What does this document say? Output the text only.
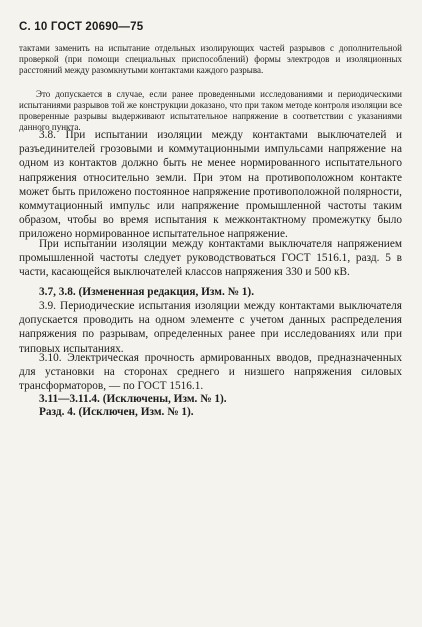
С. 10 ГОСТ 20690—75

тактами заменить на испытание отдельных изолирующих частей разрывов с дополнительной проверкой (при помощи специальных приспособлений) формы электродов и изоляционных расстояний между разомкнутыми контактами каждого разрыва.

Это допускается в случае, если ранее проведенными исследованиями и периодическими испытаниями разрывов той же конструкции доказано, что при таком методе контроля изоляции все проверенные разрывы выдерживают испытательное напряжение в соответствии с указаниями данного пункта.

3.8. При испытании изоляции между контактами выключателей и разъединителей грозовыми и коммутационными импульсами напряжение на одном из контактов должно быть не менее нормированного испытательного напряжения относительно земли. При этом на противоположном контакте может быть приложено постоянное напряжение противоположной полярности, коммутационный импульс или напряжение промышленной частоты таким образом, чтобы во время испытания к межконтактному промежутку было приложено нормированное испытательное напряжение.

При испытании изоляции между контактами выключателя напряжением промышленной частоты следует руководствоваться ГОСТ 1516.1, разд. 5 в части, касающейся выключателей классов напряжения 330 и 500 кВ.

3.7, 3.8. (Измененная редакция, Изм. № 1).

3.9. Периодические испытания изоляции между контактами выключателя допускается проводить на одном элементе с учетом данных распределения напряжения по разрывам, определенных ранее при исследованиях или при типовых испытаниях.

3.10. Электрическая прочность армированных вводов, предназначенных для установки на сторонах среднего и низшего напряжения силовых трансформаторов, — по ГОСТ 1516.1.

3.11—3.11.4. (Исключены, Изм. № 1).

Разд. 4. (Исключен, Изм. № 1).
